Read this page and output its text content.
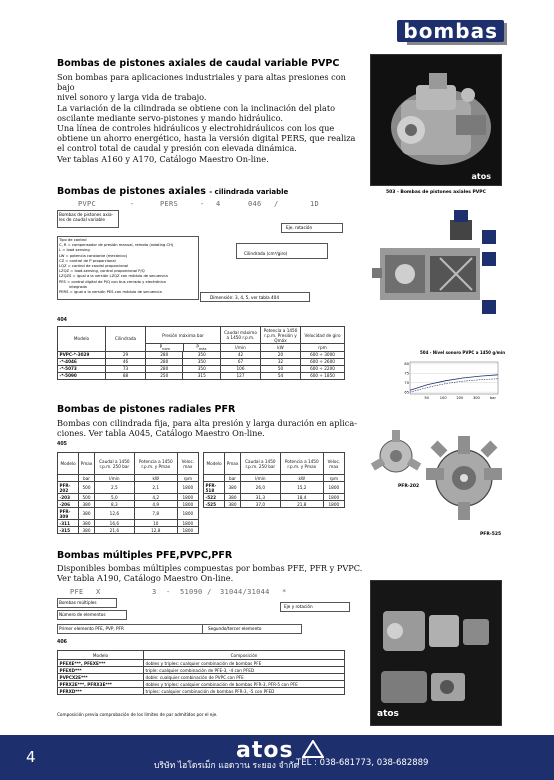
bombas
Bombas de pistones axiales de caudal variable PVPC
Son bombas para aplicaciones industriales y para altas presiones con bajo
nivel sonoro y larga vida de trabajo.
La variación de la cilindrada se obtiene con la inclinación del plato
oscilante mediante servo-pistones y mando hidráulico.
Una línea de controles hidráulicos y electrohidráulicos con los que
obtiene un ahorro energético, hasta la versión digital PERS, que realiza
el control total de caudal y presión con elevada dinámica.
Ver tablas A160 y A170, Catálogo Maestro On-line.
atos
503 - Bombas de pistones axiales PVPC
Bombas de pistones axiales - cilindrada variable
PVPC	-	PERS	- 4	046 /	1D
Bombas de pistones axia-
les de caudal variable
Eje, rotación
Tipo de control
C, R = compensador de presión manual, remoto (rotating CH)
L = load sensing
LW = potencia constante (mecánico)
CZ = control de P proporcional
LQZ = control de caudal proporcional
LZQZ = load-sensing, control proporcional P/Q
LZQZS = igual a la versión LZQZ con módulo de secuencia
PES = control digital de P/Q con bus cerrado y electrónica
integrada
PERS = igual a la versión PES con módulo de secuencia
Cilindrada (cm³/giro)
Dimensión: 3, 4, 5, ver tabla 404
504 - Nivel sonoro PVPC a 1450 g/min
80
75
70
65
50	100	200	300	bar
404
Modelo	Cilindrada	Presión máxima bar		Caudal máximo a 1450 r.p.m.	Potencia a 1450 r.p.m. Presión y Qmáx	Velocidad de giro
		$P_{nom}$ $P_{máx}$		l/min	kW	rpm
PVPC-*-3029	29	280	350	42	20	600 ÷ 3000
-*-4046	46	280	350	67	32	600 ÷ 2600
-*-5073	73	280	350	106	50	600 ÷ 2200
-*-5090	88	250	315	127	54	600 ÷ 1850
Bombas de pistones radiales PFR
Bombas con cilindrada fija, para alta presión y larga duración en aplica-
ciones. Ver tabla A045, Catálogo Maestro On-line.
405
Modelo	Pmax	Caudal a 1450 r.p.m. 250 bar	Potencia a 1450 r.p.m. y Pmax	Veloc. max
	bar	l/min	kW	rpm
PFR-202	500	2,5	2,1	1800
-203	500	5,0	4,2	1800
-206	380	8,3	4,9	1800
PFR-309	380	12,6	7,8	1800
-311	380	16,6	10	1800
-315	380	21,6	12,8	1800
Modelo	Pmax	Caudal a 1450 r.p.m. 250 bar	Potencia a 1450 r.p.m. y Pmax	Veloc. max
	bar	l/min	kW	rpm
PFR-518	380	26,0	15,2	1800
-522	380	31,3	18,4	1800
-525	380	37,0	21,8	1800
PFR-202
PFR-525
Bombas múltiples PFE,PVPC,PFR
Disponibles bombas múltiples compuestas por bombas PFE, PFR y PVPC.
Ver tabla A190, Catálogo Maestro On-line.
PFE X	3 - 51090 / 31044/31044 *
Bombas múltiples
Número de elementos
Primer elemento PFE, PVP, PFR
Eje y rotación
Segundo/tercer elemento
406
Modelo	Composición
PFEXE***, PFEXE***	dobles y triples: cualquier combinación de bombas PFE
PFEXD***	triple: cualquier combinación de PFE-3, -4 con PFED
PVPCX2E***	doble: cualquier combinación de PVPC con PFE
PFRX2E***, PFRX3E***	dobles y triples: cualquier combinación de bombas PFR-3, PFR-5 con PFE
PFRXD***	triples: cualquier combinación de bombas PFR-3, -5 con PFED
Composición previa comprobación de los límites de par admitidos por el eje.	atos
4	atos
บริษัท ไฮโดรเม็ก แอดวาน ระยอง จำกัด
TEL : 038-681773, 038-682889
